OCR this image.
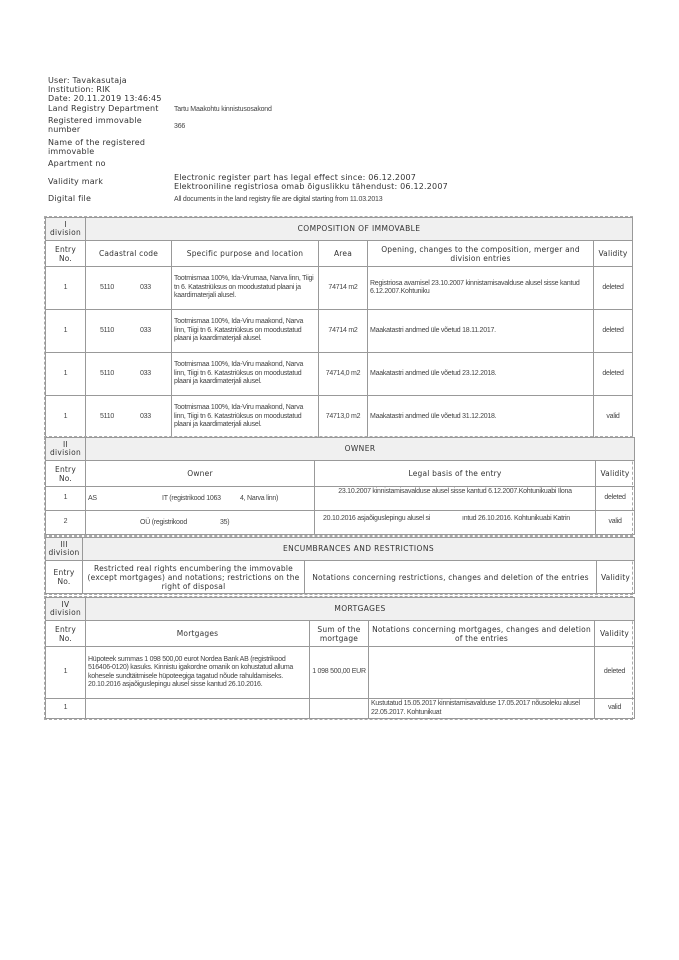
User: Tavakasutaja
Institution: RIK
Date: 20.11.2019 13:46:45
Land Registry Department	Tartu Maakohtu kinnistusosakond
Registered immovable number	366
Name of the registered immovable
Apartment no
Validity mark	Electronic register part has legal effect since: 06.12.2007
Elektrooniline registriosa omab õiguslikku tähendust: 06.12.2007
Digital file	All documents in the land registry file are digital starting from 11.03.2013
I
division	COMPOSITION OF IMMOVABLE				
Entry No.	Cadastral code	Specific purpose and location	Area	Opening, changes to the composition, merger and division entries	Validity
1	5110 033	Tootmismaa 100%, Ida-Virumaa, Narva linn, Tiigi tn 6. Katastriüksus on moodustatud plaani ja kaardimaterjali alusel.	74714 m2	Registriosa avamisel 23.10.2007 kinnistamisavalduse alusel sisse kantud 6.12.2007.Kohtuniku	deleted
1	5110 033	Tootmismaa 100%, Ida-Viru maakond, Narva linn, Tiigi tn 6. Katastriüksus on moodustatud plaani ja kaardimaterjali alusel.	74714 m2	Maakatastri andmed üle võetud 18.11.2017.	deleted
1	5110 033	Tootmismaa 100%, Ida-Viru maakond, Narva linn, Tiigi tn 6. Katastriüksus on moodustatud plaani ja kaardimaterjali alusel.	74714,0 m2	Maakatastri andmed üle võetud 23.12.2018.	deleted
1	5110 033	Tootmismaa 100%, Ida-Viru maakond, Narva linn, Tiigi tn 6. Katastriüksus on moodustatud plaani ja kaardimaterjali alusel.	74713,0 m2	Maakatastri andmed üle võetud 31.12.2018.	valid
II
division	OWNER		
Entry No.	Owner	Legal basis of the entry	Validity
1	AS IT (registrikood 1063 4, Narva linn)	23.10.2007 kinnistamisavalduse alusel sisse kantud 6.12.2007.Kohtunikuabi Ilona	deleted
2	OÜ (registrikood 35)	20.10.2016 asjaõiguslepingu alusel si ıntud 26.10.2016. Kohtunikuabi Katrin	valid
III
division	ENCUMBRANCES AND RESTRICTIONS		
Entry No.	Restricted real rights encumbering the immovable (except mortgages) and notations; restrictions on the right of disposal	Notations concerning restrictions, changes and deletion of the entries	Validity
IV
division	MORTGAGES			
Entry No.	Mortgages	Sum of the mortgage	Notations concerning mortgages, changes and deletion of the entries	Validity
1	Hüpoteek summas 1 098 500,00 eurot Nordea Bank AB (registrikood 516406-0120) kasuks. Kinnistu igakordne omanik on kohustatud alluma kohesele sundtäitmisele hüpoteegiga tagatud nõude rahuldamiseks. 20.10.2016 asjaõiguslepingu alusel sisse kantud 26.10.2016.	1 098 500,00 EUR		deleted
1			Kustutatud 15.05.2017 kinnistamisavalduse 17.05.2017 nõusoleku alusel 22.05.2017. Kohtunikuat	valid
